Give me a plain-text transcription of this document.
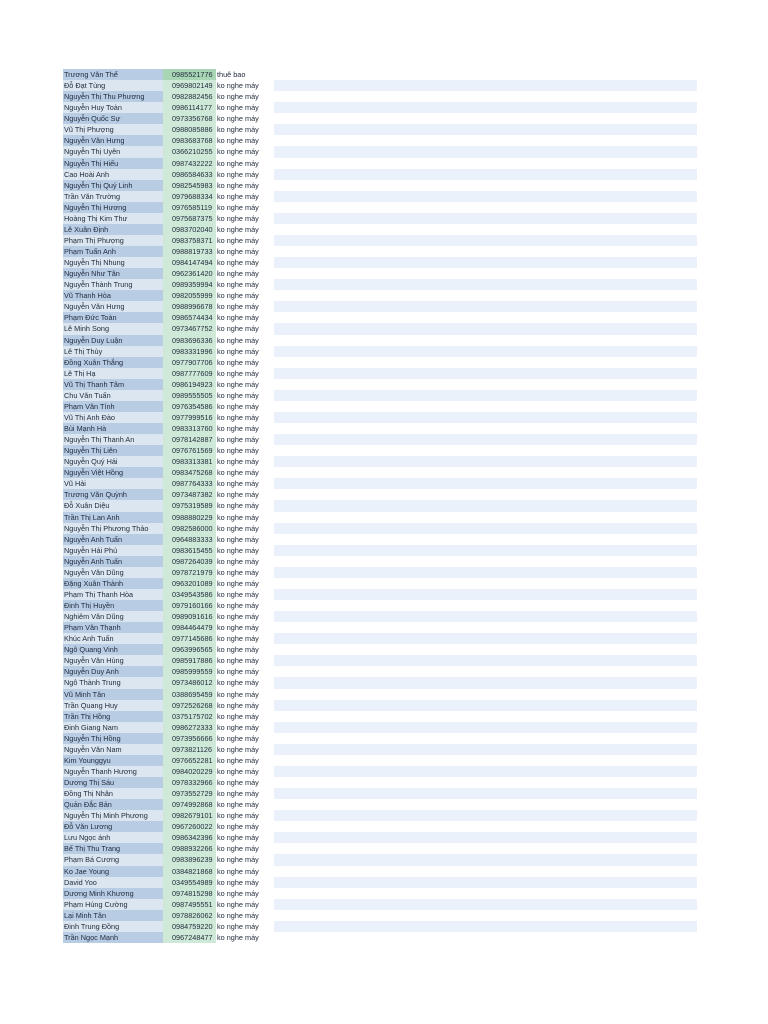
Trương Văn Thể	0985521776 thuê bao
Đỗ Đạt Tùng	0969802149 ko nghe máy
Nguyễn Thị Thu Phương	0982882456 ko nghe máy
Nguyễn Huy Toàn	0986114177 ko nghe máy
Nguyễn Quốc Sự	0973356768 ko nghe máy
Vũ Thị Phượng	0988085886 ko nghe máy
Nguyễn Văn Hưng	0983683768 ko nghe máy
Nguyễn Thị Uyên	0366210255 ko nghe máy
Nguyễn Thị Hiếu	0987432222 ko nghe máy
Cao Hoài Anh	0986584633 ko nghe máy
Nguyễn Thị Quý Linh	0982545983 ko nghe máy
Trần Văn Trường	0979688334 ko nghe máy
Nguyễn Thị Hương	0976585119 ko nghe máy
Hoàng Thị Kim Thư	0975687375 ko nghe máy
Lê Xuân Định	0983702040 ko nghe máy
Phạm Thị Phượng	0983758371 ko nghe máy
Phạm Tuấn Anh	0988819733 ko nghe máy
Nguyễn Thị Nhung	0984147494 ko nghe máy
Nguyễn Như Tân	0962361420 ko nghe máy
Nguyễn Thành Trung	0989359994 ko nghe máy
Vũ Thanh Hòa	0982055999 ko nghe máy
Nguyễn Văn Hưng	0988996678 ko nghe máy
Phạm Đức Toàn	0986574434 ko nghe máy
Lê Minh Song	0973467752 ko nghe máy
Nguyễn Duy Luận	0983696336 ko nghe máy
Lê Thị Thùy	0983331996 ko nghe máy
Đồng Xuân Thắng	0977907706 ko nghe máy
Lê Thị Hạ	0987777609 ko nghe máy
Vũ Thị Thanh Tâm	0986194923 ko nghe máy
Chu Văn Tuấn	0989555505 ko nghe máy
Phạm Văn Tính	0976354586 ko nghe máy
Vũ Thị Anh Đào	0977999516 ko nghe máy
Bùi Mạnh Hà	0983313760 ko nghe máy
Nguyễn Thị Thanh An	0978142887 ko nghe máy
Nguyễn Thị Liên	0976761569 ko nghe máy
Nguyễn Quý Hải	0983313381 ko nghe máy
Nguyễn Việt Hồng	0983475268 ko nghe máy
Vũ Hải	0987764333 ko nghe máy
Trương Văn Quỳnh	0973487382 ko nghe máy
Đỗ Xuân Diệu	0975319589 ko nghe máy
Trần Thị Lan Anh	0988880229 ko nghe máy
Nguyễn Thị Phương Thảo	0982586000 ko nghe máy
Nguyễn Anh Tuấn	0964883333 ko nghe máy
Nguyễn Hải Phú	0983615455 ko nghe máy
Nguyễn Anh Tuấn	0987264039 ko nghe máy
Nguyễn Văn Dũng	0978721979 ko nghe máy
Đặng Xuân Thành	0963201089 ko nghe máy
Phạm Thị Thanh Hòa	0349543586 ko nghe máy
Đinh Thị Huyền	0979160166 ko nghe máy
Nghiêm Văn Dũng	0989091616 ko nghe máy
Phạm Văn Thạnh	0984464479 ko nghe máy
Khúc Anh Tuấn	0977145686 ko nghe máy
Ngô Quang Vinh	0963996565 ko nghe máy
Nguyễn Văn Hùng	0985917886 ko nghe máy
Nguyễn Duy Anh	0985999559 ko nghe máy
Ngô Thành Trung	0973486012 ko nghe máy
Vũ Minh Tân	0388695459 ko nghe máy
Trần Quang Huy	0972526268 ko nghe máy
Trần Thị Hồng	0375175702 ko nghe máy
Đinh Giang Nam	0986272333 ko nghe máy
Nguyễn Thị Hồng	0973956666 ko nghe máy
Nguyễn Văn Nam	0973821126 ko nghe máy
Kim Younggyu	0976652281 ko nghe máy
Nguyễn Thanh Hương	0984020229 ko nghe máy
Dương Thị Sáu	0978332966 ko nghe máy
Đồng Thị Nhân	0973552729 ko nghe máy
Quản Đắc Bản	0974992868 ko nghe máy
Nguyễn Thị Minh Phương	0982679101 ko nghe máy
Đỗ Văn Lương	0967260022 ko nghe máy
Lưu Ngọc ánh	0986342396 ko nghe máy
Bế Thị Thu Trang	0988932266 ko nghe máy
Phạm Bá Cương	0983896239 ko nghe máy
Ko Jae Young	0384821868 ko nghe máy
David Yoo	0349554989 ko nghe máy
Dương Minh Khương	0974815298 ko nghe máy
Phạm Hùng Cường	0987495551 ko nghe máy
Lại Minh Tân	0978826062 ko nghe máy
Đinh Trung Đồng	0984759220 ko nghe máy
Trần Ngọc Mạnh	0967248477 ko nghe máy
